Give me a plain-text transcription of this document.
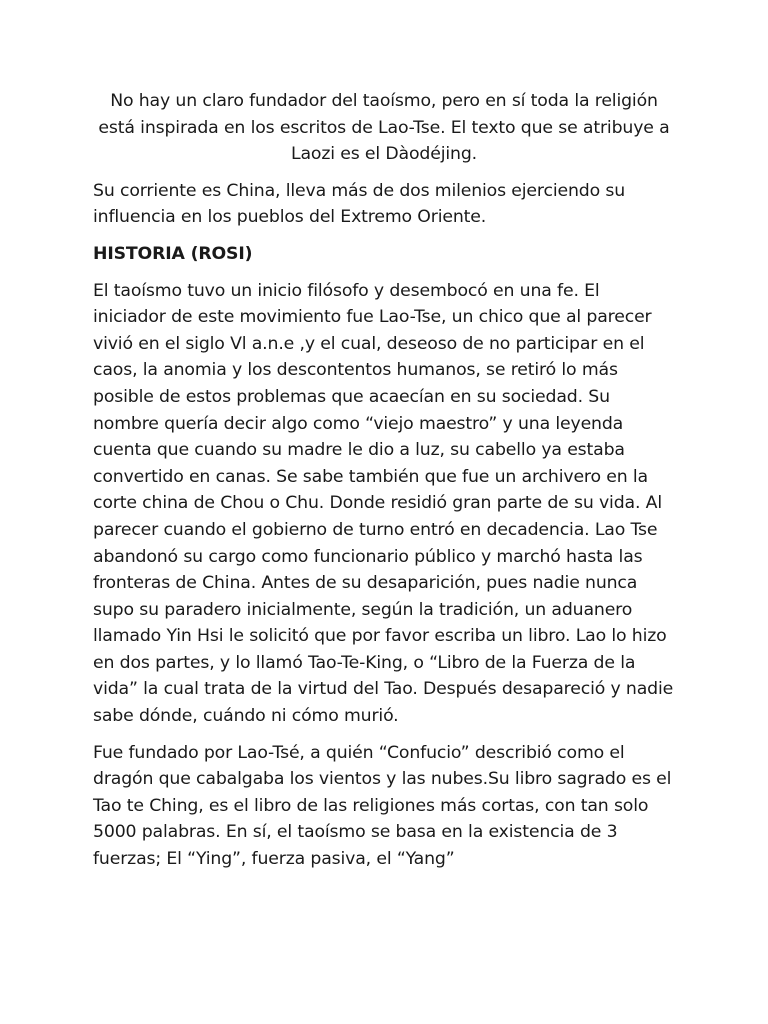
No hay un claro fundador del taoísmo, pero en sí toda la religión está inspirada en los escritos de Lao-Tse. El texto que se atribuye a Laozi es el Dàodéjing.

Su corriente es China, lleva más de dos milenios ejerciendo su influencia en los pueblos del Extremo Oriente.

HISTORIA (ROSI)

El taoísmo tuvo un inicio filósofo y desembocó en una fe. El iniciador de este movimiento fue Lao-Tse, un chico que al parecer vivió en el siglo Vl a.n.e ,y el cual, deseoso de no participar en el caos, la anomia y los descontentos humanos, se retiró lo más posible de estos problemas que acaecían en su sociedad. Su nombre quería decir algo como “viejo maestro” y una leyenda cuenta que cuando su madre le dio a luz, su cabello ya estaba convertido en canas. Se sabe también que fue un archivero en la corte china de Chou o Chu. Donde residió gran parte de su vida. Al parecer cuando el gobierno de turno entró en decadencia. Lao Tse abandonó su cargo como funcionario público y marchó hasta las fronteras de China. Antes de su desaparición, pues nadie nunca supo su paradero inicialmente, según la tradición, un aduanero llamado Yin Hsi le solicitó que por favor escriba un libro. Lao lo hizo en dos partes, y lo llamó Tao-Te-King, o “Libro de la Fuerza de la vida” la cual trata de la virtud del Tao. Después desapareció y nadie sabe dónde, cuándo ni cómo murió.

Fue fundado por Lao-Tsé, a quién “Confucio” describió como el dragón que cabalgaba los vientos y las nubes.Su libro sagrado es el Tao te Ching, es el libro de las religiones más cortas, con tan solo 5000 palabras. En sí, el taoísmo se basa en la existencia de 3 fuerzas; El “Ying”, fuerza pasiva, el “Yang”
